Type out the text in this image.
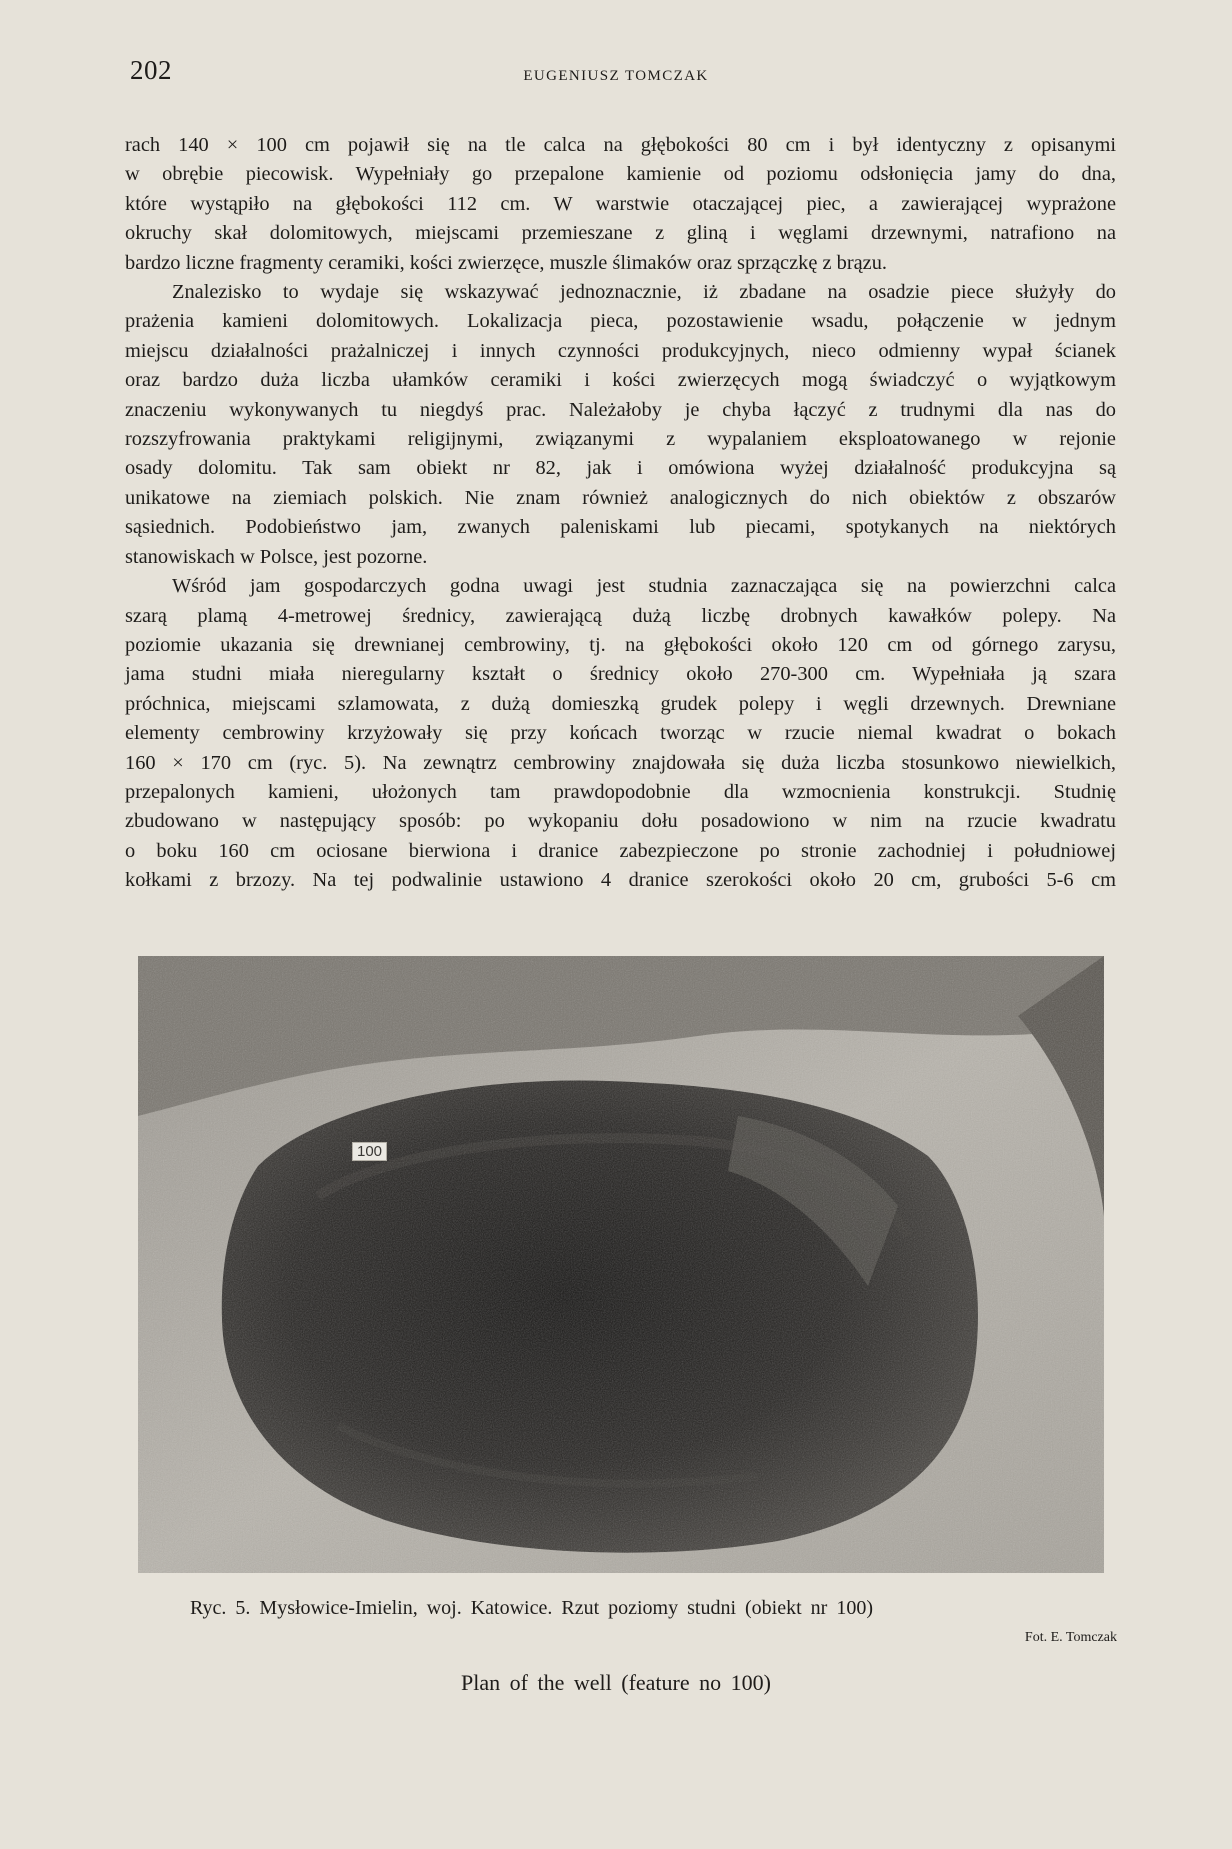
202	EUGENIUSZ TOMCZAK

rach 140 × 100 cm pojawił się na tle calca na głębokości 80 cm i był identyczny z opisanymi

w obrębie piecowisk. Wypełniały go przepalone kamienie od poziomu odsłonięcia jamy do dna,

które wystąpiło na głębokości 112 cm. W warstwie otaczającej piec, a zawierającej wyprażone

okruchy skał dolomitowych, miejscami przemieszane z gliną i węglami drzewnymi, natrafiono na

bardzo liczne fragmenty ceramiki, kości zwierzęce, muszle ślimaków oraz sprzączkę z brązu.

Znalezisko to wydaje się wskazywać jednoznacznie, iż zbadane na osadzie piece służyły do

prażenia kamieni dolomitowych. Lokalizacja pieca, pozostawienie wsadu, połączenie w jednym

miejscu działalności prażalniczej i innych czynności produkcyjnych, nieco odmienny wypał ścianek

oraz bardzo duża liczba ułamków ceramiki i kości zwierzęcych mogą świadczyć o wyjątkowym

znaczeniu wykonywanych tu niegdyś prac. Należałoby je chyba łączyć z trudnymi dla nas do

rozszyfrowania praktykami religijnymi, związanymi z wypalaniem eksploatowanego w rejonie

osady dolomitu. Tak sam obiekt nr 82, jak i omówiona wyżej działalność produkcyjna są

unikatowe na ziemiach polskich. Nie znam również analogicznych do nich obiektów z obszarów

sąsiednich. Podobieństwo jam, zwanych paleniskami lub piecami, spotykanych na niektórych

stanowiskach w Polsce, jest pozorne.

Wśród jam gospodarczych godna uwagi jest studnia zaznaczająca się na powierzchni calca

szarą plamą 4-metrowej średnicy, zawierającą dużą liczbę drobnych kawałków polepy. Na

poziomie ukazania się drewnianej cembrowiny, tj. na głębokości około 120 cm od górnego zarysu,

jama studni miała nieregularny kształt o średnicy około 270-300 cm. Wypełniała ją szara

próchnica, miejscami szlamowata, z dużą domieszką grudek polepy i węgli drzewnych. Drewniane

elementy cembrowiny krzyżowały się przy końcach tworząc w rzucie niemal kwadrat o bokach

160 × 170 cm (ryc. 5). Na zewnątrz cembrowiny znajdowała się duża liczba stosunkowo niewielkich,

przepalonych kamieni, ułożonych tam prawdopodobnie dla wzmocnienia konstrukcji. Studnię

zbudowano w następujący sposób: po wykopaniu dołu posadowiono w nim na rzucie kwadratu

o boku 160 cm ociosane bierwiona i dranice zabezpieczone po stronie zachodniej i południowej

kołkami z brzozy. Na tej podwalinie ustawiono 4 dranice szerokości około 20 cm, grubości 5-6 cm

100
Ryc. 5. Mysłowice-Imielin, woj. Katowice. Rzut poziomy studni (obiekt nr 100)
Fot. E. Tomczak
Plan of the well (feature no 100)
